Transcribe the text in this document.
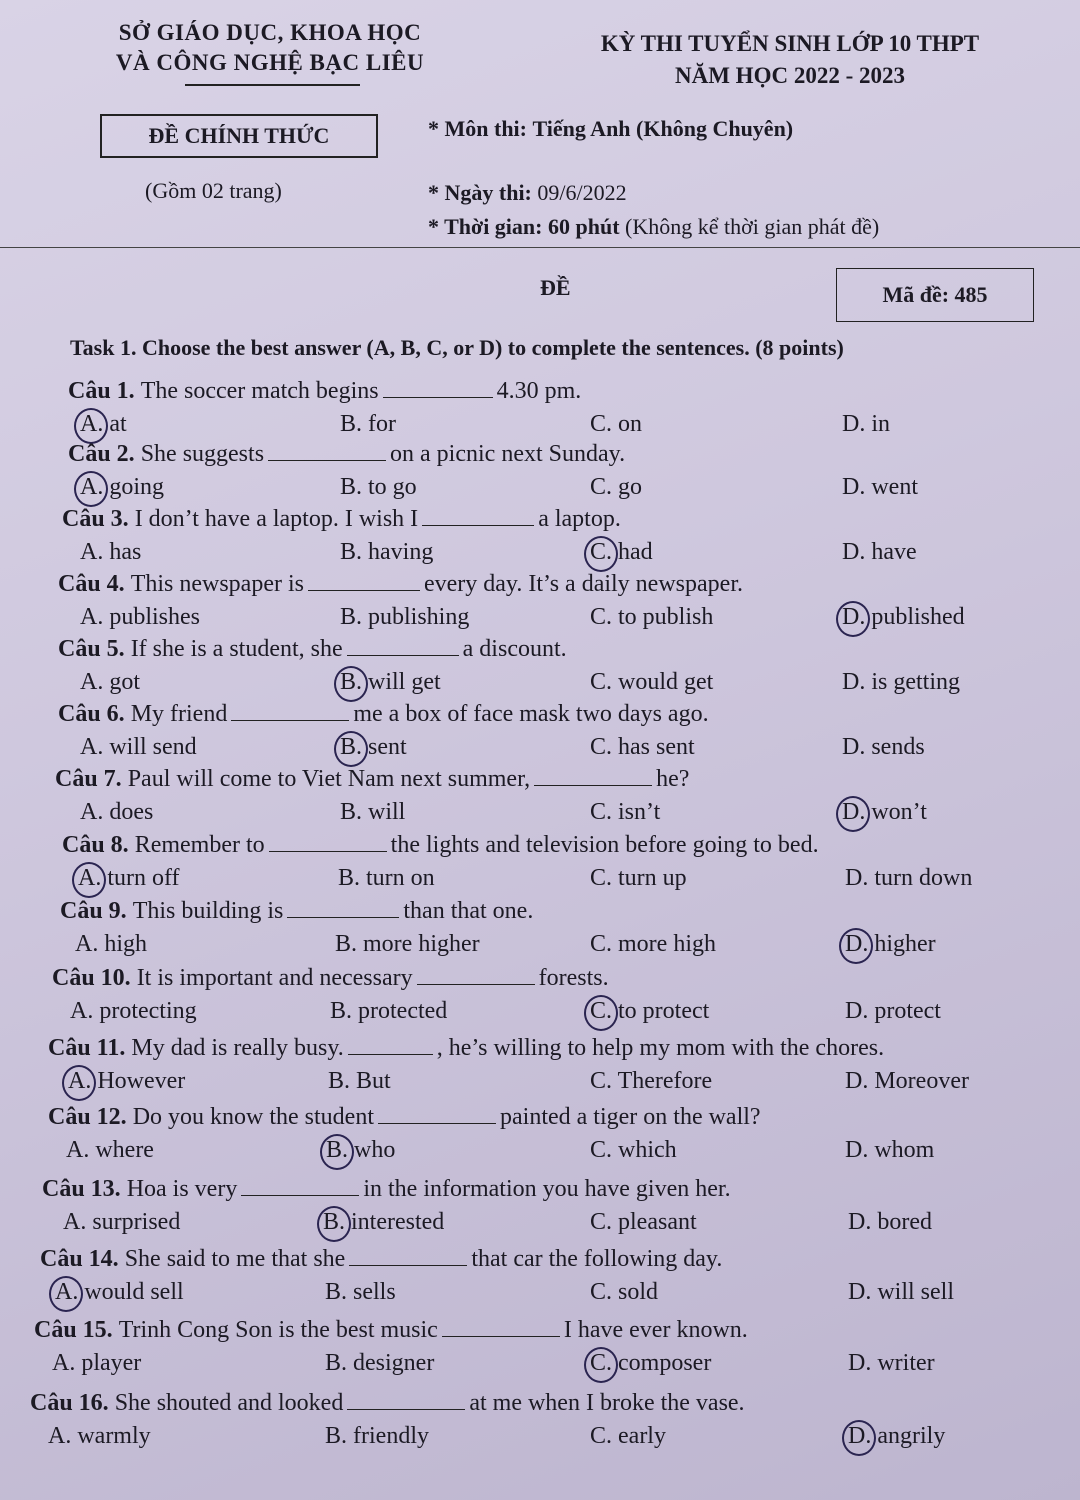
SỞ GIÁO DỤC, KHOA HỌC
VÀ CÔNG NGHỆ BẠC LIÊU
KỲ THI TUYỂN SINH LỚP 10 THPT
NĂM HỌC 2022 - 2023
ĐỀ CHÍNH THỨC	* Môn thi: Tiếng Anh (Không Chuyên)
(Gồm 02 trang)	* Ngày thi: 09/6/2022
* Thời gian: 60 phút (Không kể thời gian phát đề)
ĐỀ	Mã đề: 485
Task 1. Choose the best answer (A, B, C, or D) to complete the sentences. (8 points)
Câu 1. The soccer match begins	4.30 pm.
A. at	B. for	C. on	D. in
Câu 2. She suggests	on a picnic next Sunday.
A. going	B. to go	C. go	D. went
Câu 3. I don’t have a laptop. I wish I	a laptop.
A. has	B. having	C. had	D. have
Câu 4. This newspaper is	every day. It’s a daily newspaper.
A. publishes	B. publishing	C. to publish	D. published
Câu 5. If she is a student, she	a discount.
A. got	B. will get	C. would get	D. is getting
Câu 6. My friend	me a box of face mask two days ago.
A. will send	B. sent	C. has sent	D. sends
Câu 7. Paul will come to Viet Nam next summer,	he?
A. does	B. will	C. isn’t	D. won’t
Câu 8. Remember to	the lights and television before going to bed.
A. turn off	B. turn on	C. turn up	D. turn down
Câu 9. This building is	than that one.
A. high	B. more higher	C. more high	D. higher
Câu 10. It is important and necessary	forests.
A. protecting	B. protected	C. to protect	D. protect
Câu 11. My dad is really busy.	, he’s willing to help my mom with the chores.
A. However	B. But	C. Therefore	D. Moreover
Câu 12. Do you know the student	painted a tiger on the wall?
A. where	B. who	C. which	D. whom
Câu 13. Hoa is very	in the information you have given her.
A. surprised	B. interested	C. pleasant	D. bored
Câu 14. She said to me that she	that car the following day.
A. would sell	B. sells	C. sold	D. will sell
Câu 15. Trinh Cong Son is the best music	I have ever known.
A. player	B. designer	C. composer	D. writer
Câu 16. She shouted and looked	at me when I broke the vase.
A. warmly	B. friendly	C. early	D. angrily
